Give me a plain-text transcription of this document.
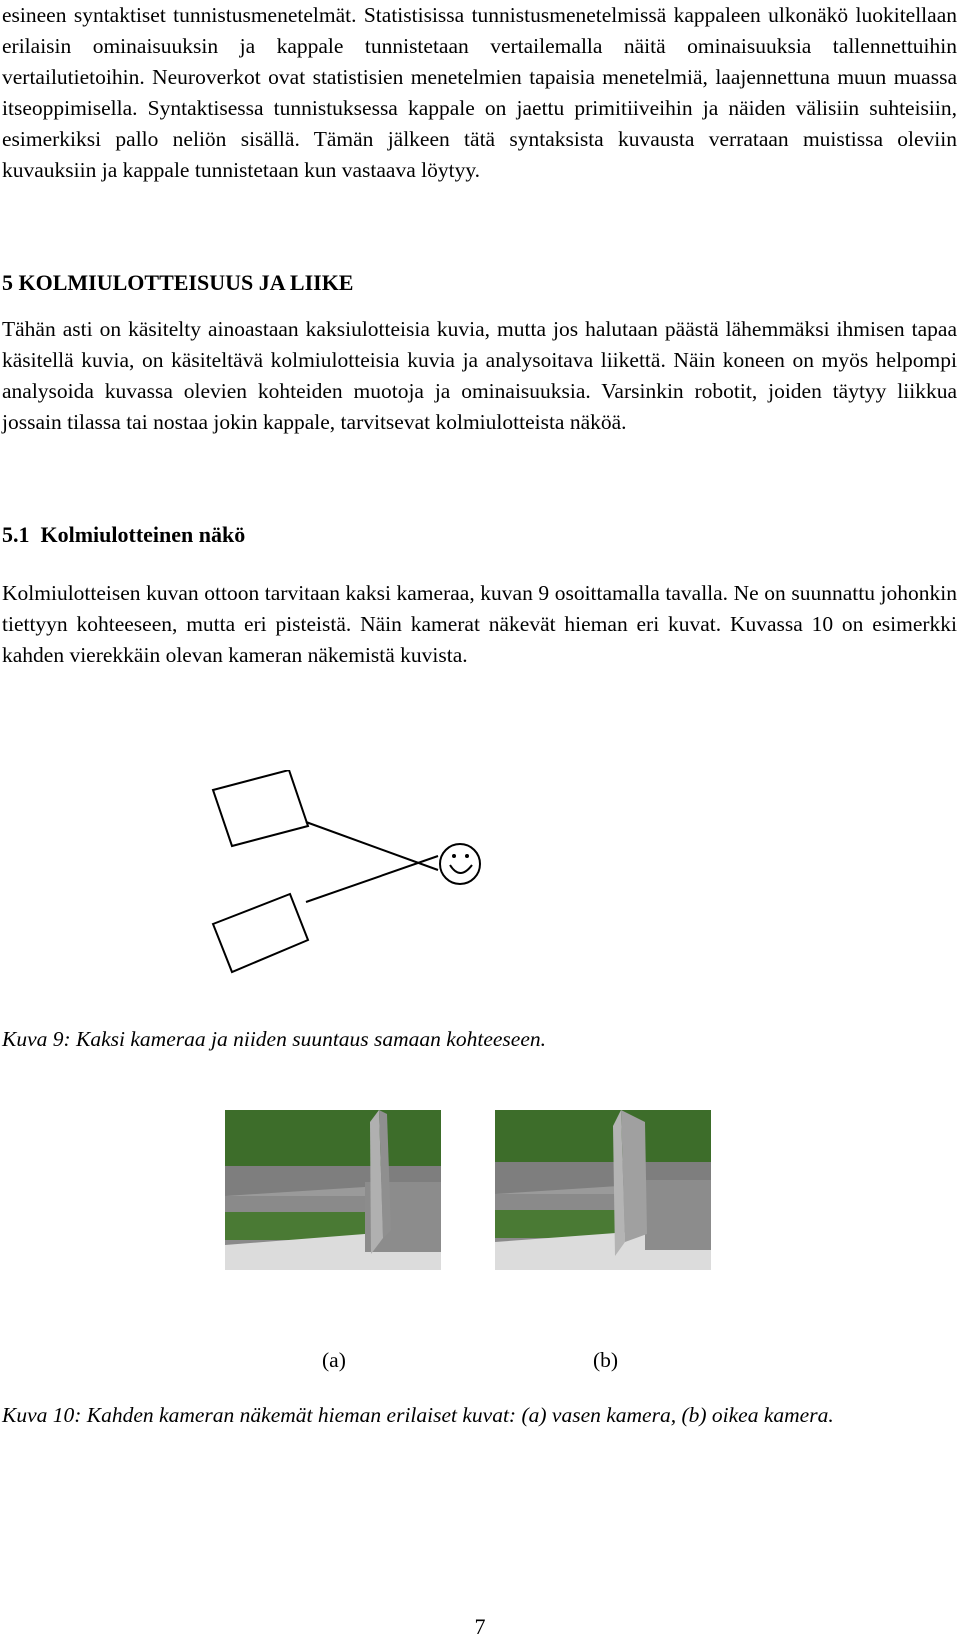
esineen syntaktiset tunnistusmenetelmät. Statistisissa tunnistusmenetelmissä kappaleen ulkonäkö luokitellaan erilaisin ominaisuuksin ja kappale tunnistetaan vertailemalla näitä ominaisuuksia tallennettuihin vertailutietoihin. Neuroverkot ovat statistisien menetelmien tapaisia menetelmiä, laajennettuna muun muassa itseoppimisella. Syntaktisessa tunnistuksessa kappale on jaettu primitiiveihin ja näiden välisiin suhteisiin, esimerkiksi pallo neliön sisällä. Tämän jälkeen tätä syntaksista kuvausta verrataan muistissa oleviin kuvauksiin ja kappale tunnistetaan kun vastaava löytyy.

5 KOLMIULOTTEISUUS JA LIIKE

Tähän asti on käsitelty ainoastaan kaksiulotteisia kuvia, mutta jos halutaan päästä lähemmäksi ihmisen tapaa käsitellä kuvia, on käsiteltävä kolmiulotteisia kuvia ja analysoitava liikettä. Näin koneen on myös helpompi analysoida kuvassa olevien kohteiden muotoja ja ominaisuuksia. Varsinkin robotit, joiden täytyy liikkua jossain tilassa tai nostaa jokin kappale, tarvitsevat kolmiulotteista näköä.

5.1 Kolmiulotteinen näkö

Kolmiulotteisen kuvan ottoon tarvitaan kaksi kameraa, kuvan 9 osoittamalla tavalla. Ne on suunnattu johonkin tiettyyn kohteeseen, mutta eri pisteistä. Näin kamerat näkevät hieman eri kuvat. Kuvassa 10 on esimerkki kahden vierekkäin olevan kameran näkemistä kuvista.

Kuva 9: Kaksi kameraa ja niiden suuntaus samaan kohteeseen.

(a)	(b)

Kuva 10: Kahden kameran näkemät hieman erilaiset kuvat: (a) vasen kamera, (b) oikea kamera.

7
